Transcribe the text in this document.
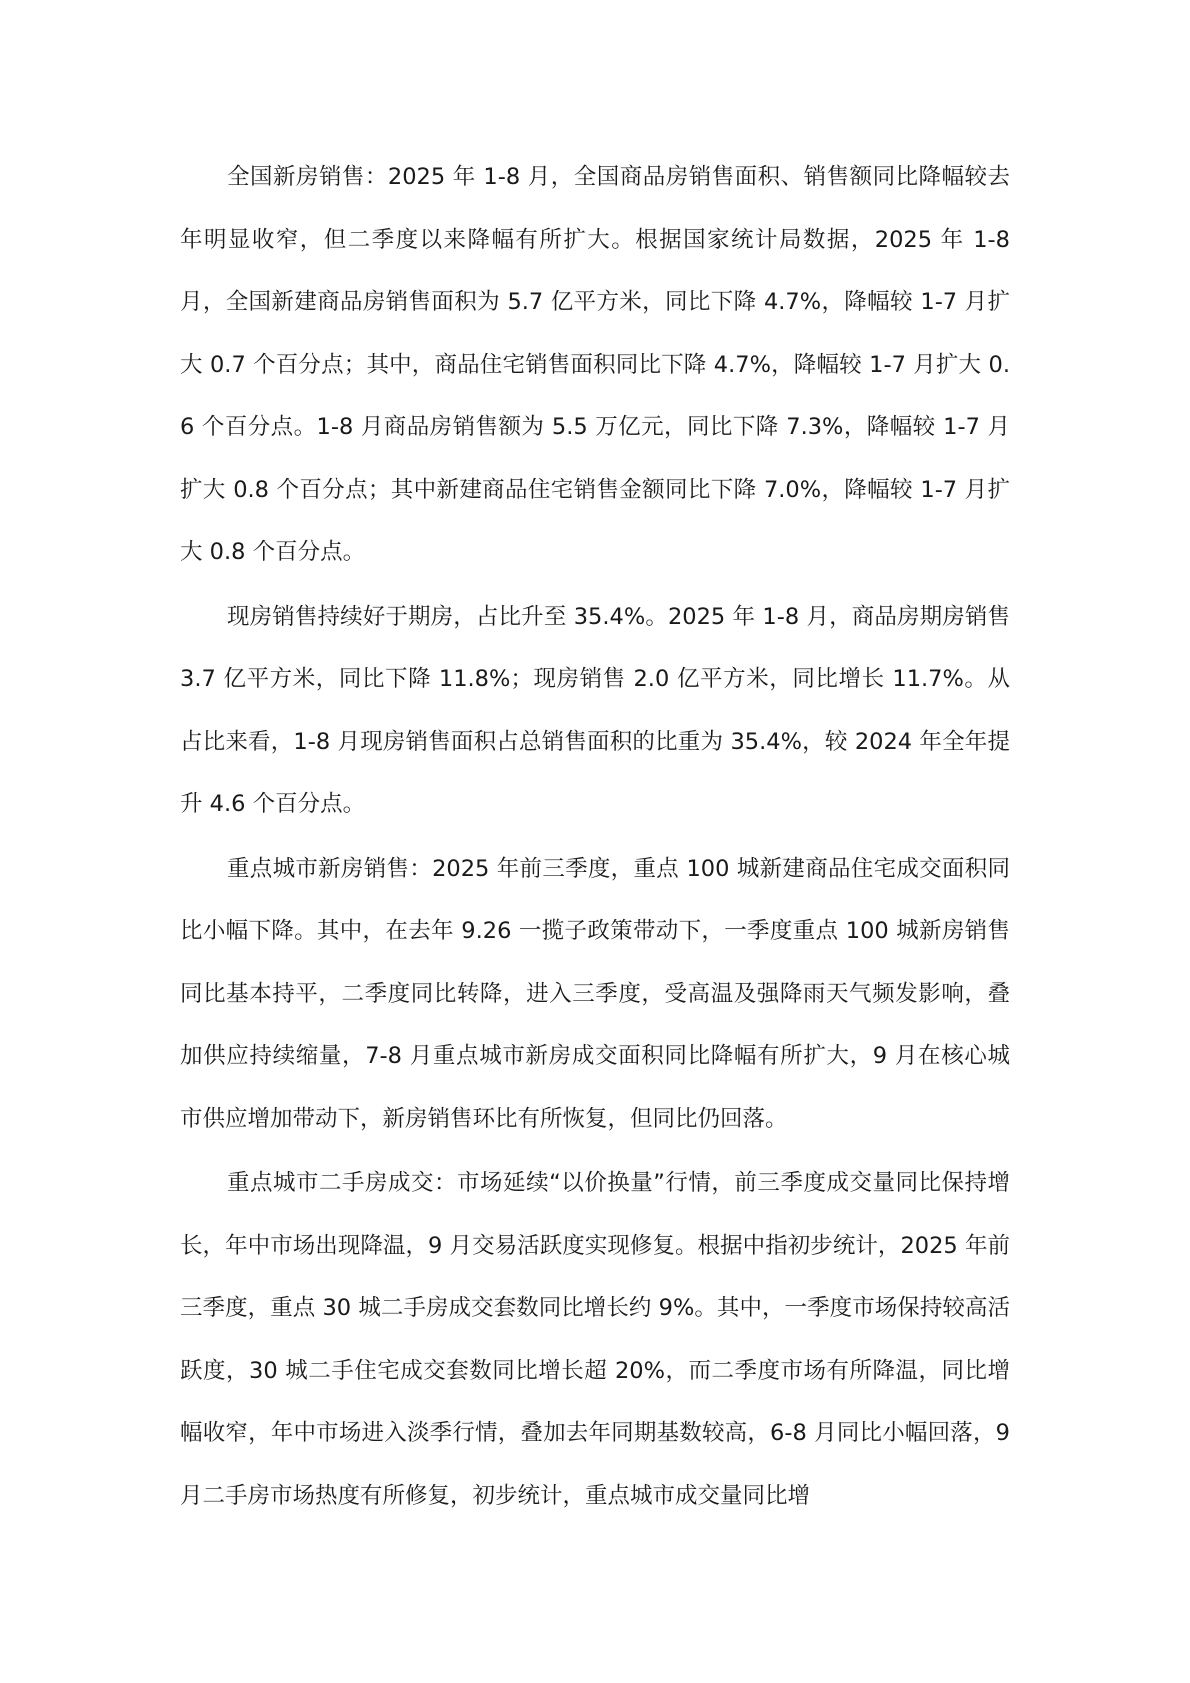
全国新房销售：2025 年 1-8 月，全国商品房销售面积、销售额同比降幅较去年明显收窄，但二季度以来降幅有所扩大。根据国家统计局数据，2025 年 1-8 月，全国新建商品房销售面积为 5.7 亿平方米，同比下降 4.7%，降幅较 1-7 月扩大 0.7 个百分点；其中，商品住宅销售面积同比下降 4.7%，降幅较 1-7 月扩大 0.6 个百分点。1-8 月商品房销售额为 5.5 万亿元，同比下降 7.3%，降幅较 1-7 月扩大 0.8 个百分点；其中新建商品住宅销售金额同比下降 7.0%，降幅较 1-7 月扩大 0.8 个百分点。

现房销售持续好于期房，占比升至 35.4%。2025 年 1-8 月，商品房期房销售 3.7 亿平方米，同比下降 11.8%；现房销售 2.0 亿平方米，同比增长 11.7%。从占比来看，1-8 月现房销售面积占总销售面积的比重为 35.4%，较 2024 年全年提升 4.6 个百分点。

重点城市新房销售：2025 年前三季度，重点 100 城新建商品住宅成交面积同比小幅下降。其中，在去年 9.26 一揽子政策带动下，一季度重点 100 城新房销售同比基本持平，二季度同比转降，进入三季度，受高温及强降雨天气频发影响，叠加供应持续缩量，7-8 月重点城市新房成交面积同比降幅有所扩大，9 月在核心城市供应增加带动下，新房销售环比有所恢复，但同比仍回落。

重点城市二手房成交：市场延续“以价换量”行情，前三季度成交量同比保持增长，年中市场出现降温，9 月交易活跃度实现修复。根据中指初步统计，2025 年前三季度，重点 30 城二手房成交套数同比增长约 9%。其中，一季度市场保持较高活跃度，30 城二手住宅成交套数同比增长超 20%，而二季度市场有所降温，同比增幅收窄，年中市场进入淡季行情，叠加去年同期基数较高，6-8 月同比小幅回落，9 月二手房市场热度有所修复，初步统计，重点城市成交量同比增
